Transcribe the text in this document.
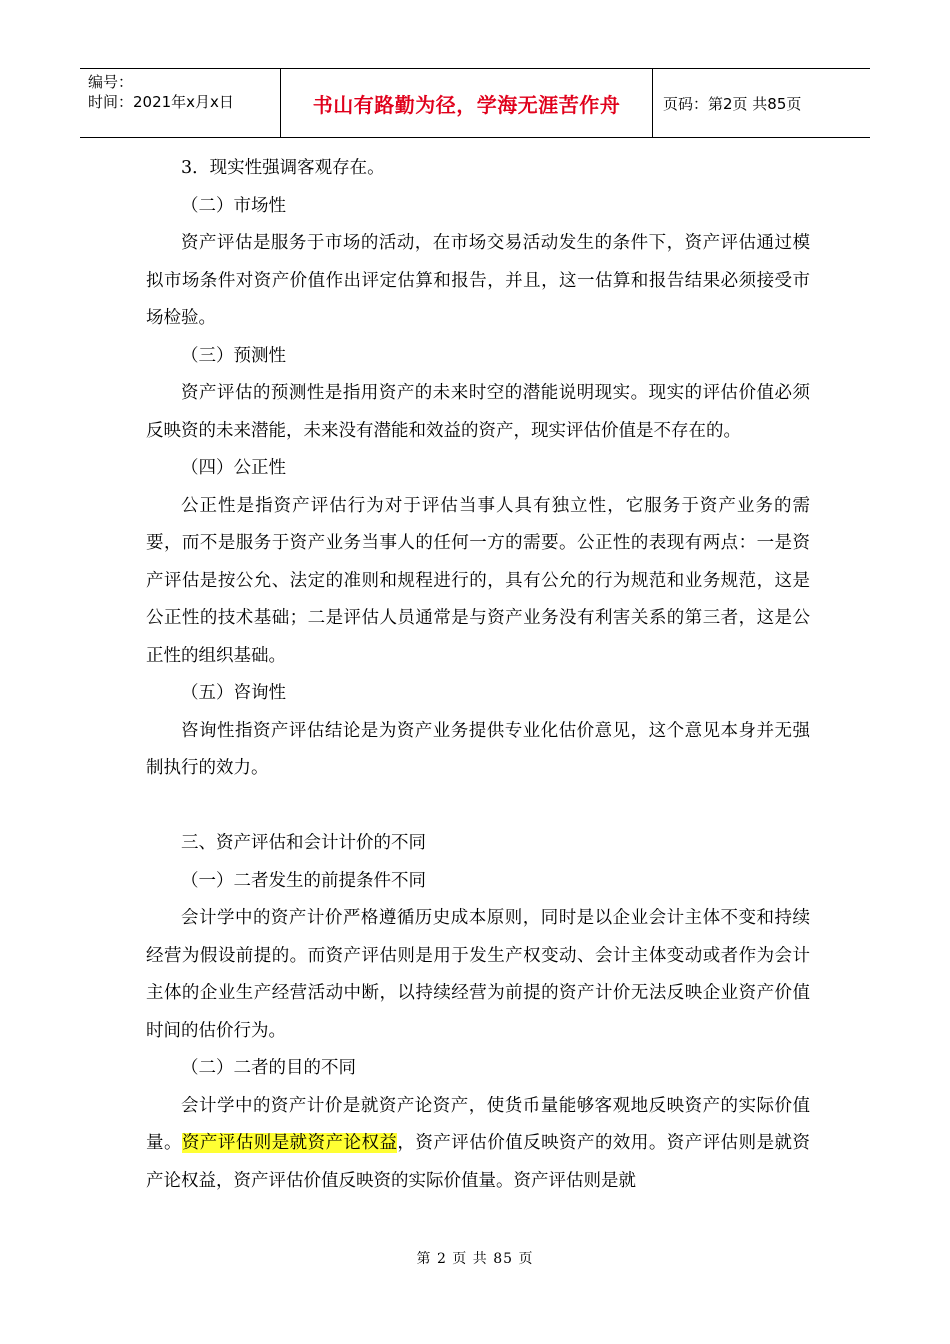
编号：
时间：2021年x月x日	书山有路勤为径，学海无涯苦作舟	页码：第2页 共85页

3．现实性强调客观存在。

（二）市场性

资产评估是服务于市场的活动，在市场交易活动发生的条件下，资产评估通过模拟市场条件对资产价值作出评定估算和报告，并且，这一估算和报告结果必须接受市场检验。

（三）预测性

资产评估的预测性是指用资产的未来时空的潜能说明现实。现实的评估价值必须反映资的未来潜能，未来没有潜能和效益的资产，现实评估价值是不存在的。

（四）公正性

公正性是指资产评估行为对于评估当事人具有独立性，它服务于资产业务的需要，而不是服务于资产业务当事人的任何一方的需要。公正性的表现有两点：一是资产评估是按公允、法定的准则和规程进行的，具有公允的行为规范和业务规范，这是公正性的技术基础；二是评估人员通常是与资产业务没有利害关系的第三者，这是公正性的组织基础。

（五）咨询性

咨询性指资产评估结论是为资产业务提供专业化估价意见，这个意见本身并无强制执行的效力。

三、资产评估和会计计价的不同

（一）二者发生的前提条件不同

会计学中的资产计价严格遵循历史成本原则，同时是以企业会计主体不变和持续经营为假设前提的。而资产评估则是用于发生产权变动、会计主体变动或者作为会计主体的企业生产经营活动中断，以持续经营为前提的资产计价无法反映企业资产价值时间的估价行为。

（二）二者的目的不同

会计学中的资产计价是就资产论资产，使货币量能够客观地反映资产的实际价值量。资产评估则是就资产论权益，资产评估价值反映资产的效用。资产评估则是就资产论权益，资产评估价值反映资的实际价值量。资产评估则是就

第 2 页 共 85 页
